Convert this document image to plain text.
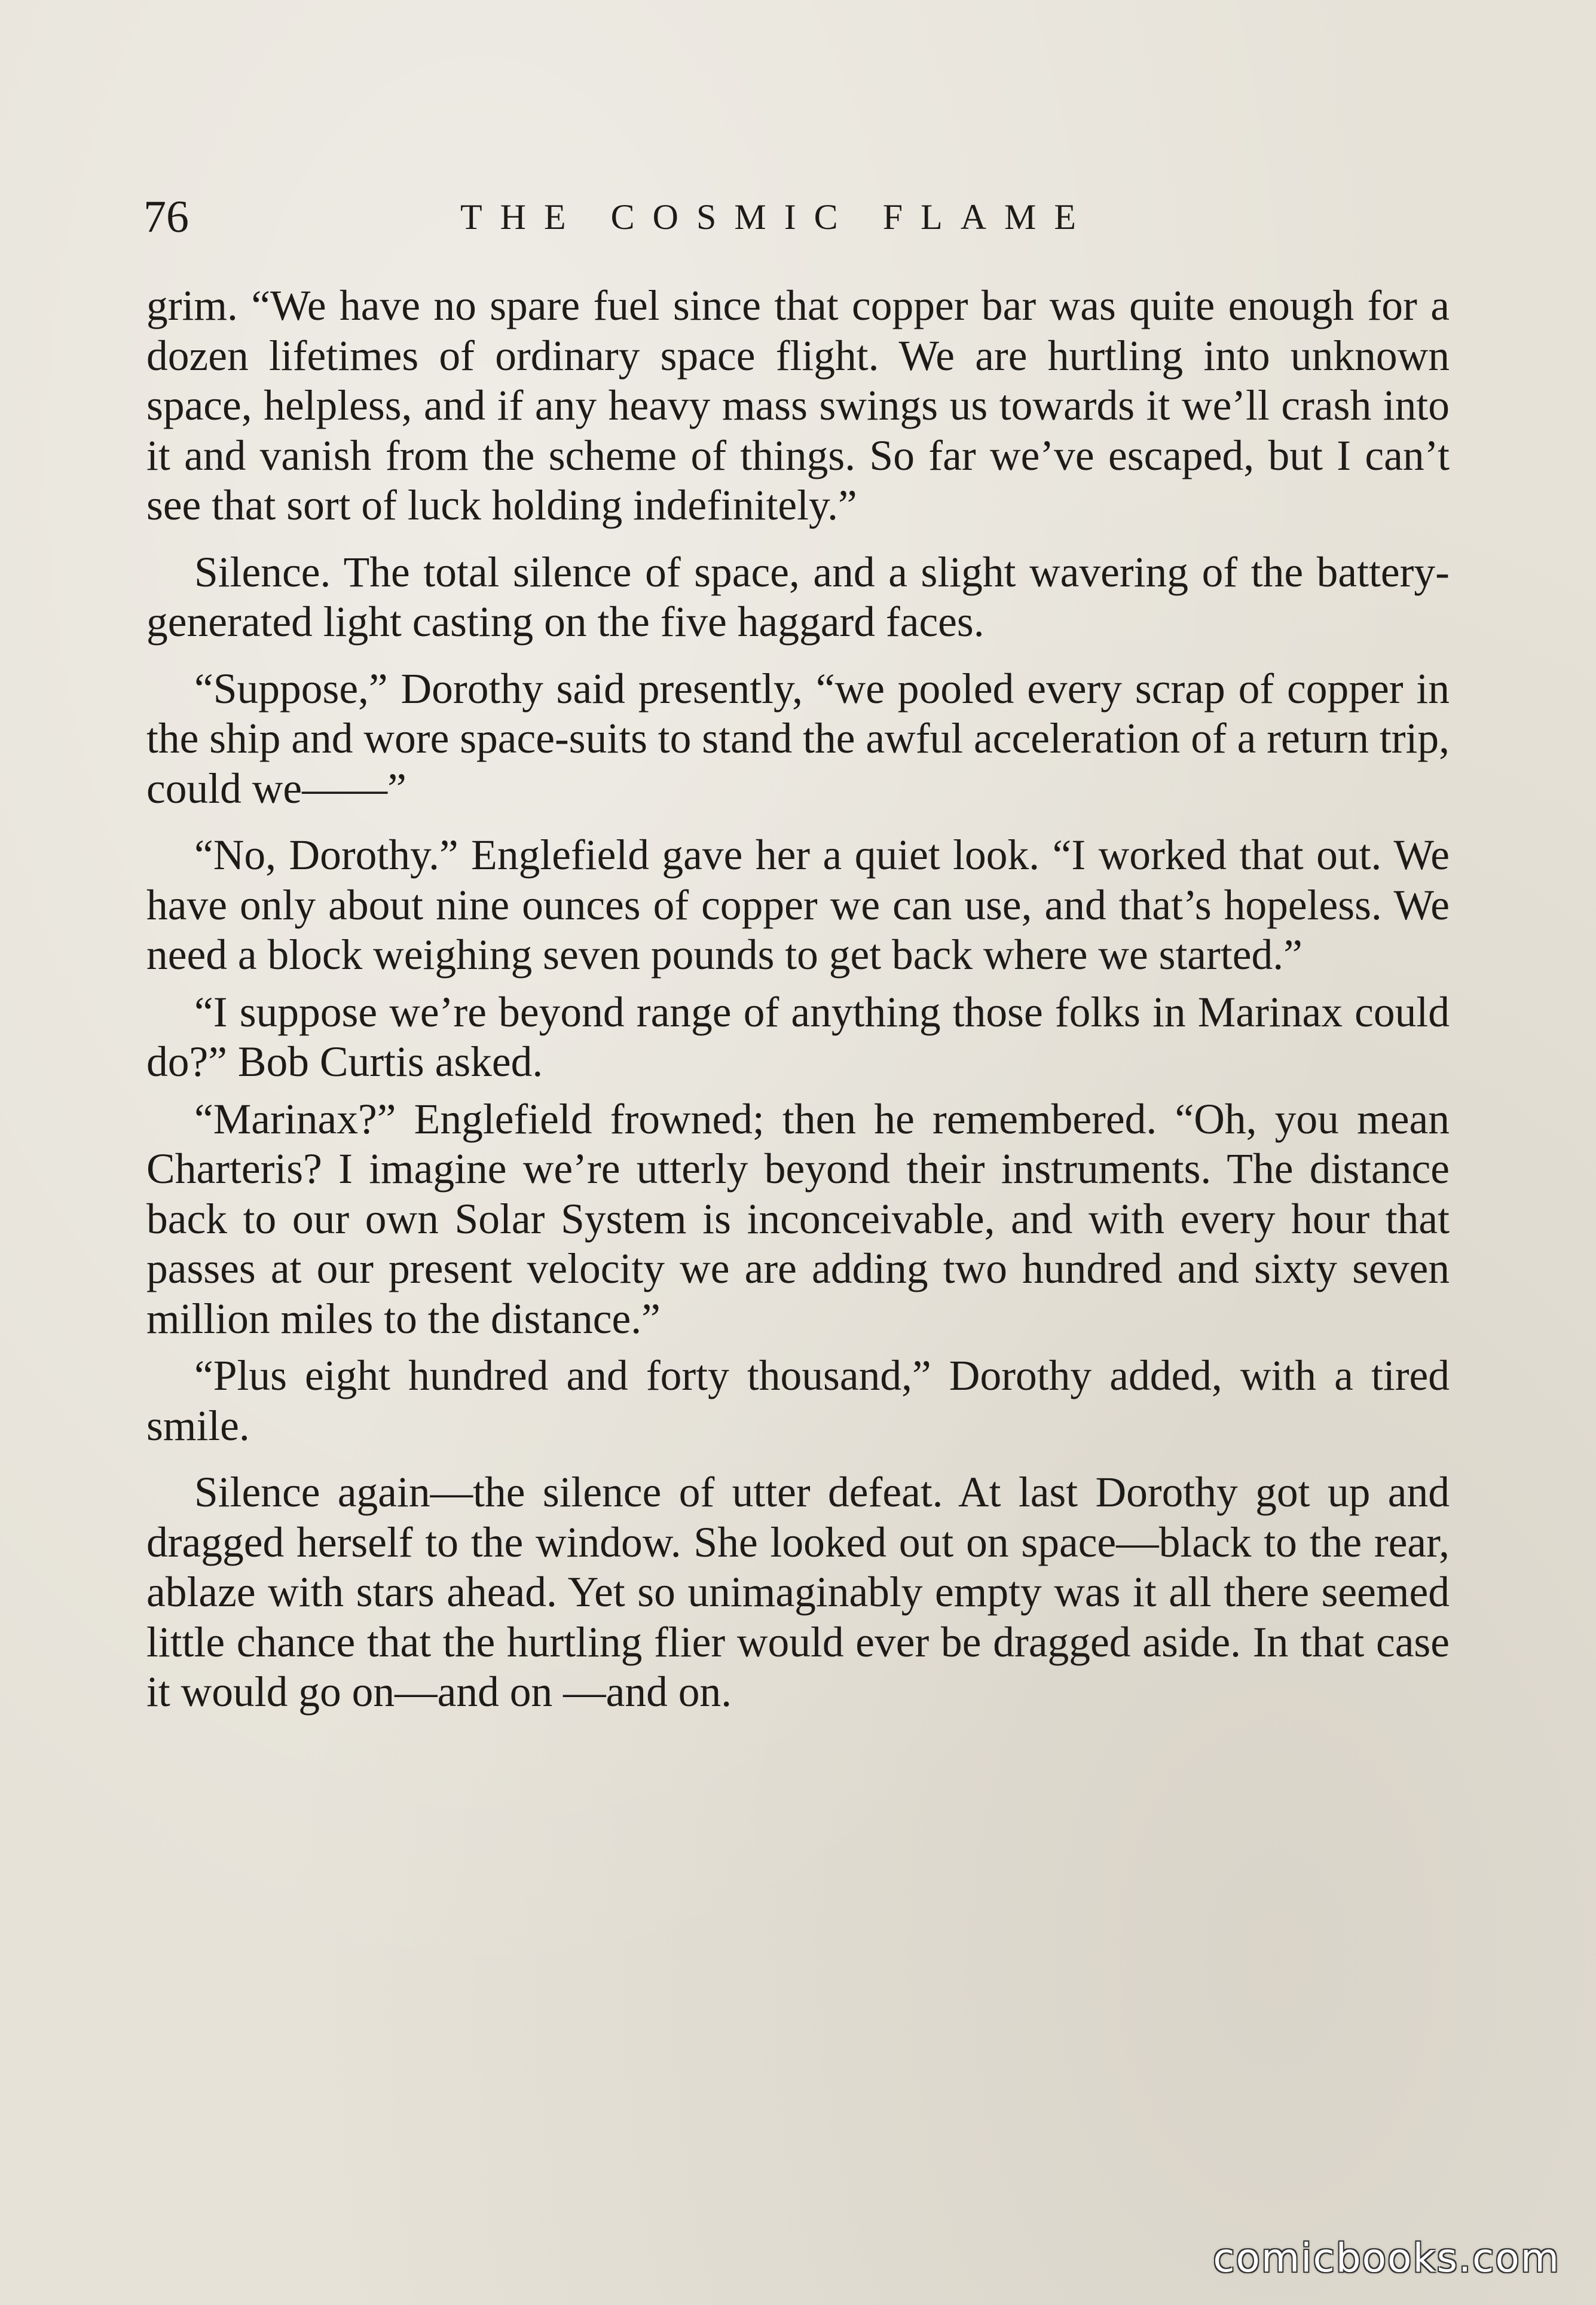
76	THE COSMIC FLAME

grim. “We have no spare fuel since that copper bar was quite enough for a dozen lifetimes of ordinary space flight. We are hurtling into unknown space, helpless, and if any heavy mass swings us towards it we’ll crash into it and vanish from the scheme of things. So far we’ve escaped, but I can’t see that sort of luck holding indefinitely.”

Silence. The total silence of space, and a slight wavering of the battery-generated light casting on the five haggard faces.

“Suppose,” Dorothy said presently, “we pooled every scrap of copper in the ship and wore space-suits to stand the awful acceleration of a return trip, could we——”

“No, Dorothy.” Englefield gave her a quiet look. “I worked that out. We have only about nine ounces of copper we can use, and that’s hopeless. We need a block weighing seven pounds to get back where we started.”

“I suppose we’re beyond range of anything those folks in Marinax could do?” Bob Curtis asked.

“Marinax?” Englefield frowned; then he remembered. “Oh, you mean Charteris? I imagine we’re utterly beyond their instruments. The distance back to our own Solar System is inconceivable, and with every hour that passes at our present velocity we are adding two hundred and sixty seven million miles to the distance.”

“Plus eight hundred and forty thousand,” Dorothy added, with a tired smile.

Silence again—the silence of utter defeat. At last Dorothy got up and dragged herself to the window. She looked out on space—black to the rear, ablaze with stars ahead. Yet so unimaginably empty was it all there seemed little chance that the hurtling flier would ever be dragged aside. In that case it would go on—and on —and on.

comicbooks.com
